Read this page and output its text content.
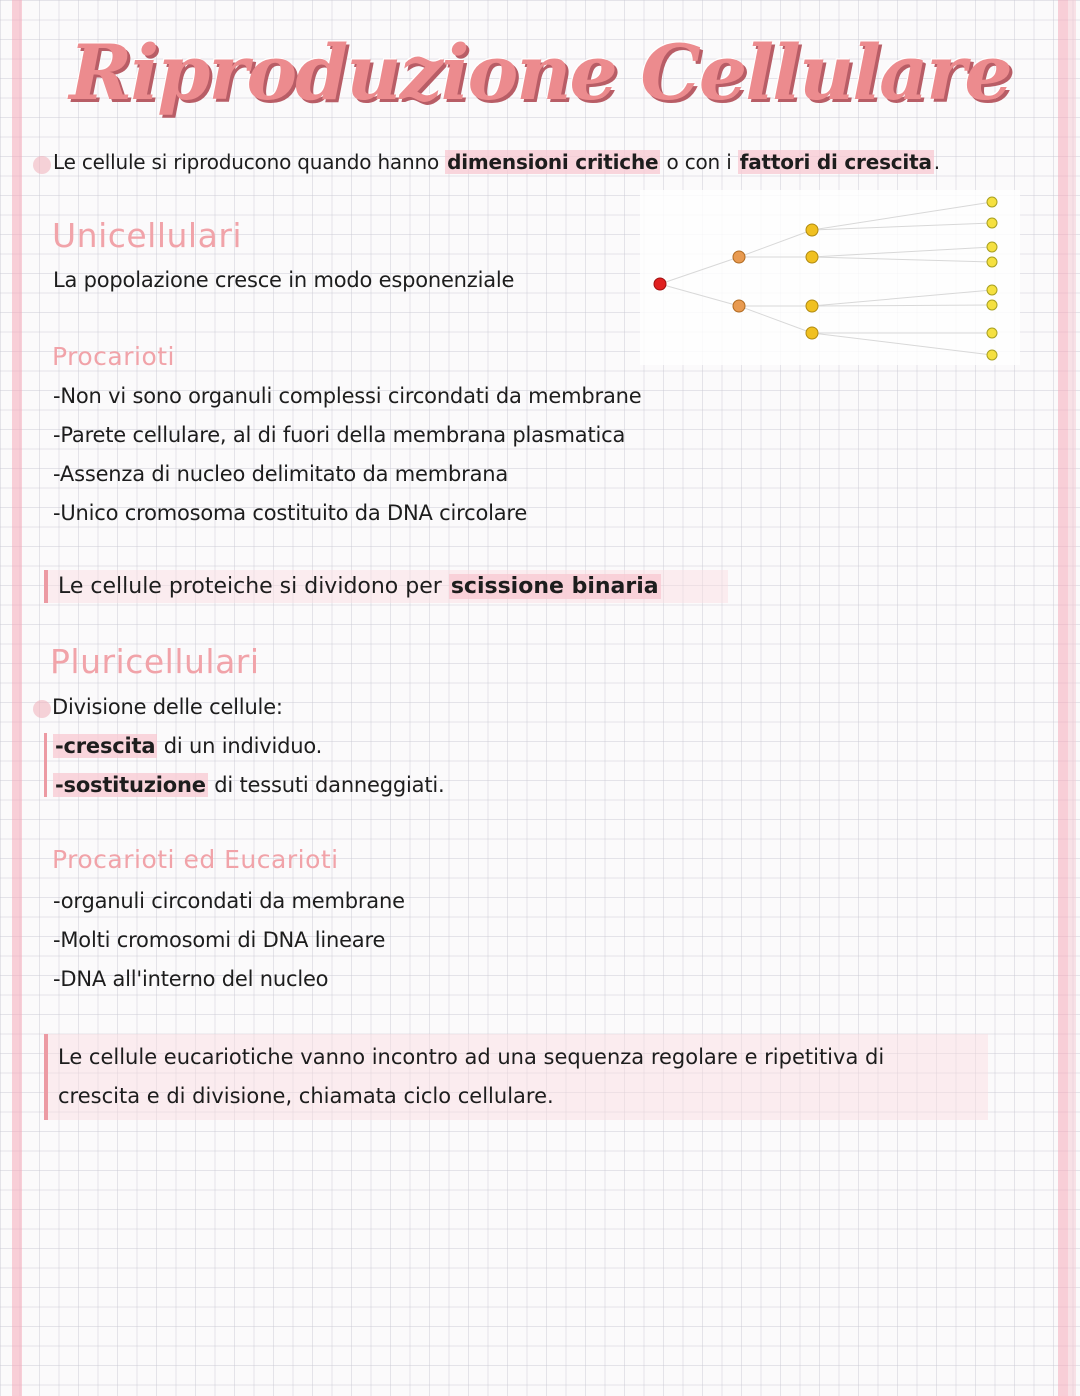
Riproduzione Cellulare
Le cellule si riproducono quando hanno dimensioni critiche o con i fattori di crescita .
Unicellulari
La popolazione cresce in modo esponenziale
Procarioti
-Non vi sono organuli complessi circondati da membrane
-Parete cellulare, al di fuori della membrana plasmatica
-Assenza di nucleo delimitato da membrana
-Unico cromosoma costituito da DNA circolare
Le cellule proteiche si dividono per scissione binaria
Pluricellulari
Divisione delle cellule:
-crescita di un individuo.
-sostituzione di tessuti danneggiati.
Procarioti ed Eucarioti
-organuli circondati da membrane
-Molti cromosomi di DNA lineare
-DNA all'interno del nucleo
Le cellule eucariotiche vanno incontro ad una sequenza regolare e ripetitiva di
crescita e di divisione, chiamata ciclo cellulare.
